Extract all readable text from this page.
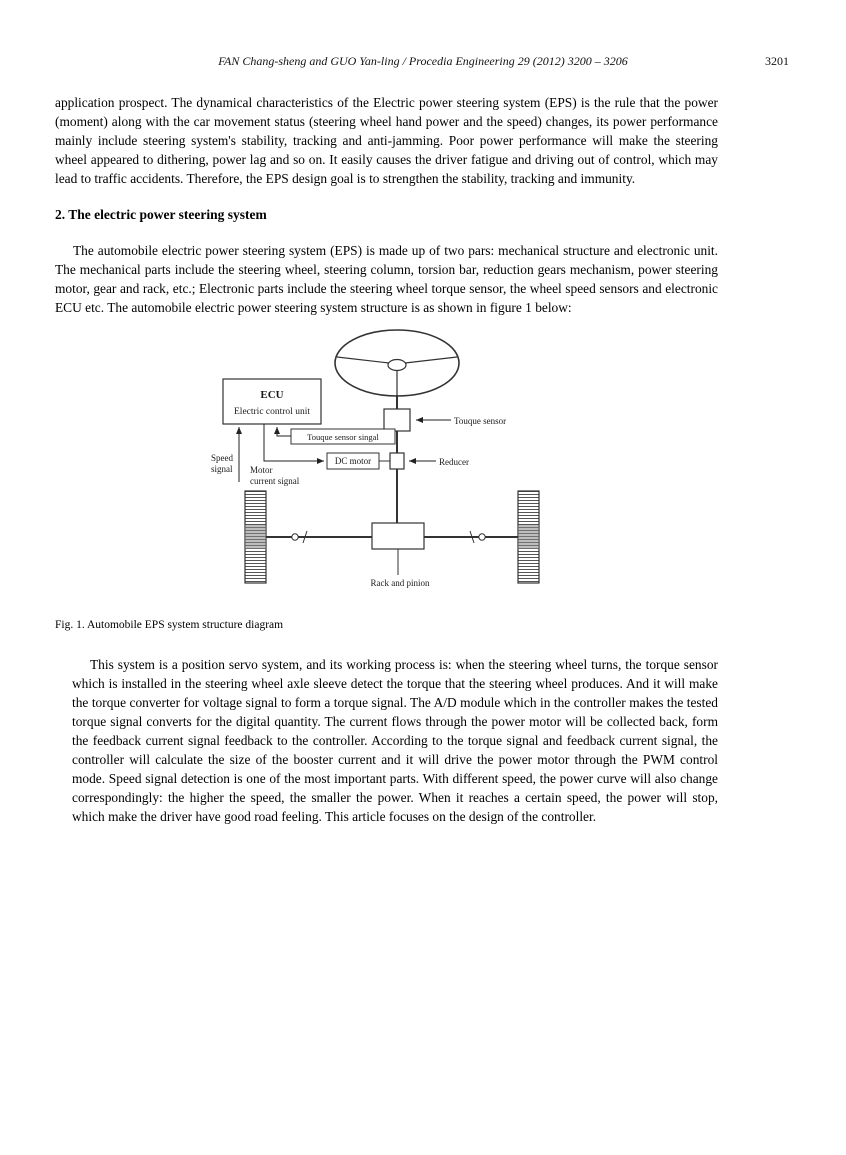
FAN Chang-sheng and GUO Yan-ling / Procedia Engineering 29 (2012) 3200 – 3206	3201

application prospect. The dynamical characteristics of the Electric power steering system (EPS) is the rule that the power (moment) along with the car movement status (steering wheel hand power and the speed) changes, its power performance mainly include steering system's stability, tracking and anti-jamming. Poor power performance will make the steering wheel appeared to dithering, power lag and so on. It easily causes the driver fatigue and driving out of control, which may lead to traffic accidents. Therefore, the EPS design goal is to strengthen the stability, tracking and immunity.

2. The electric power steering system

The automobile electric power steering system (EPS) is made up of two pars: mechanical structure and electronic unit. The mechanical parts include the steering wheel, steering column, torsion bar, reduction gears mechanism, power steering motor, gear and rack, etc.; Electronic parts include the steering wheel torque sensor, the wheel speed sensors and electronic ECU etc. The automobile electric power steering system structure is as shown in figure 1 below:

ECU
Electric control unit
Touque sensor
Touque sensor singal
Speed
signal Motor
current signal
DC motor	Reducer
Rack and pinion

Fig. 1. Automobile EPS system structure diagram

This system is a position servo system, and its working process is: when the steering wheel turns, the torque sensor which is installed in the steering wheel axle sleeve detect the torque that the steering wheel produces. And it will make the torque converter for voltage signal to form a torque signal. The A/D module which in the controller makes the tested torque signal converts for the digital quantity. The current flows through the power motor will be collected back, form the feedback current signal feedback to the controller. According to the torque signal and feedback current signal, the controller will calculate the size of the booster current and it will drive the power motor through the PWM control mode. Speed signal detection is one of the most important parts. With different speed, the power curve will also change correspondingly: the higher the speed, the smaller the power. When it reaches a certain speed, the power will stop, which make the driver have good road feeling. This article focuses on the design of the controller.
